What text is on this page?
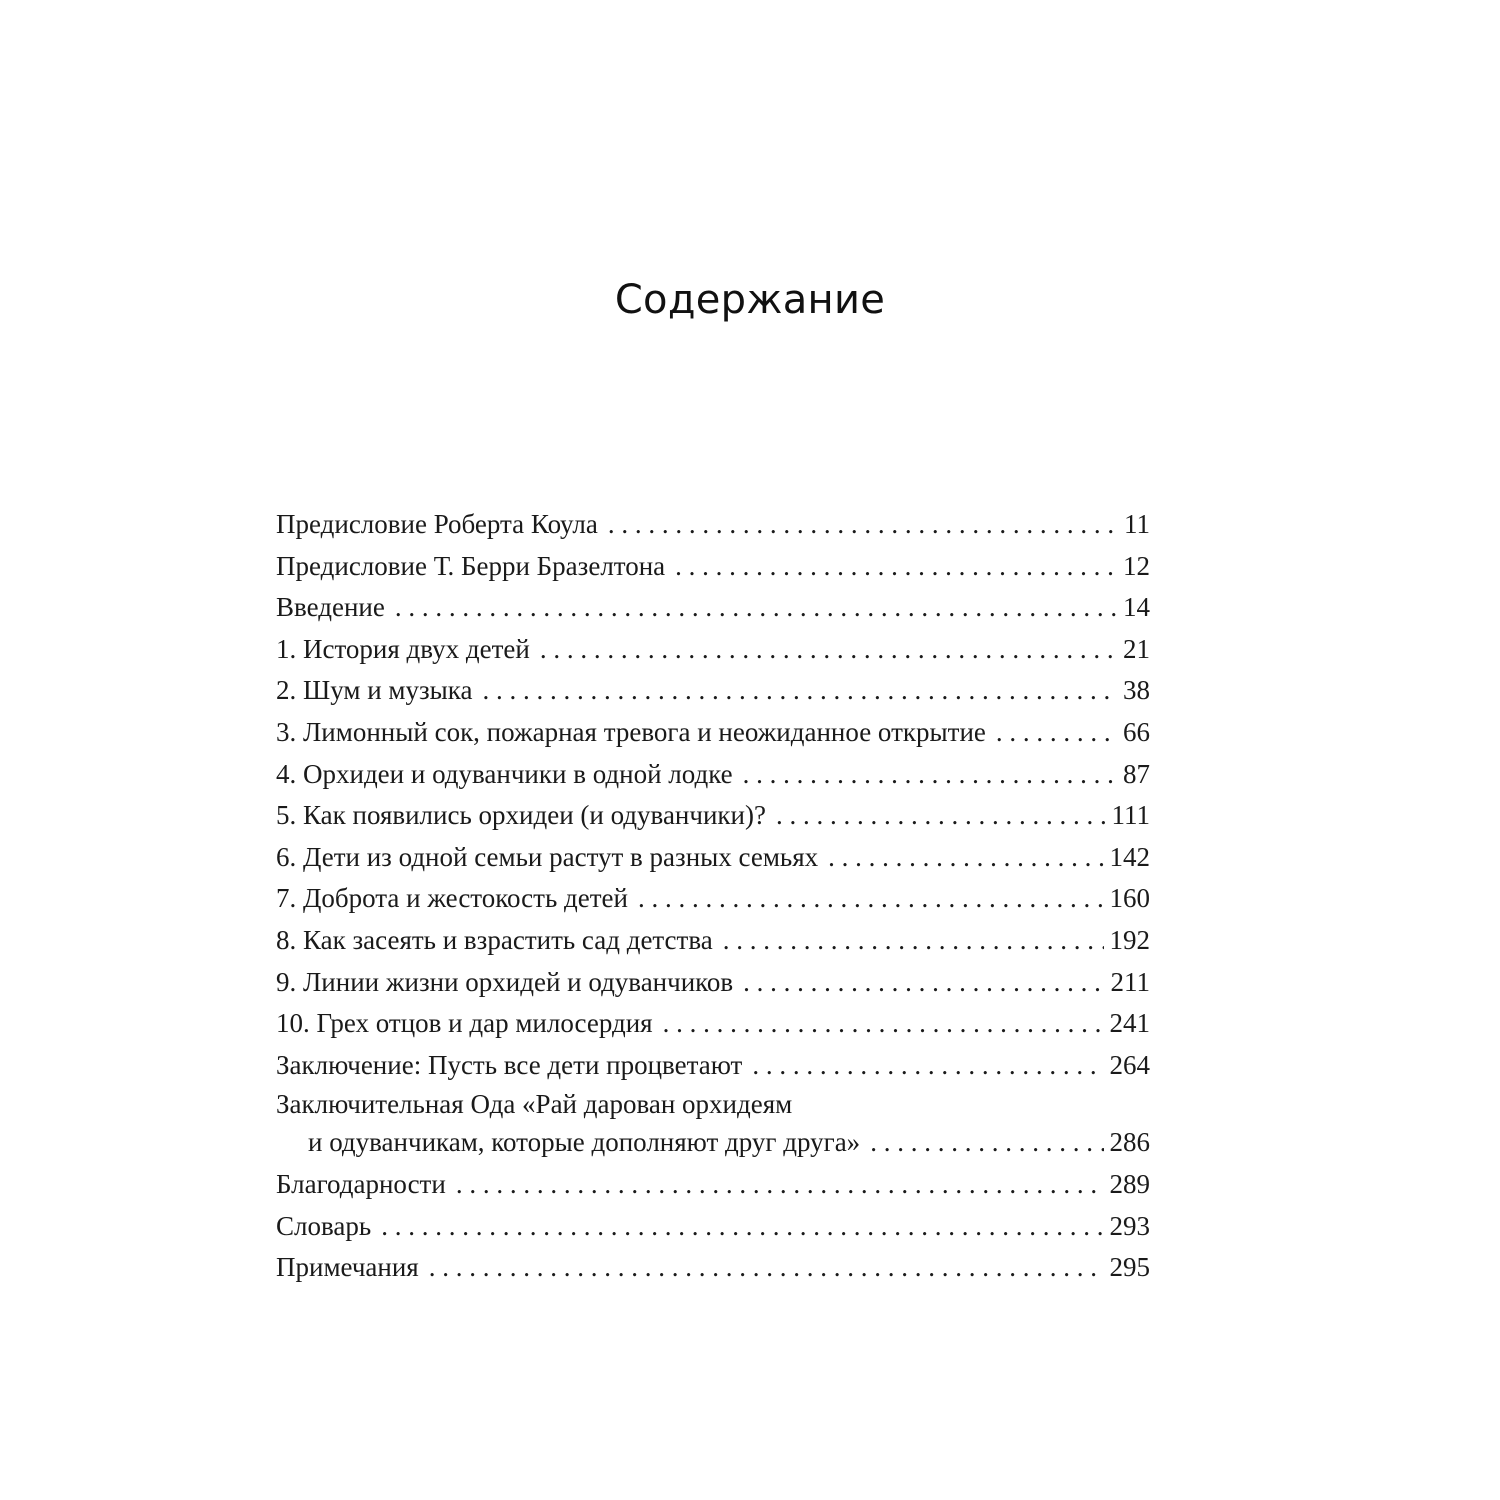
Содержание
Предисловие Роберта Коула . . .	11
Предисловие Т. Берри Бразелтона . . .	12
Введение . . .	14
1. История двух детей . . .	21
2. Шум и музыка . . .	38
3. Лимонный сок, пожарная тревога и неожиданное открытие . . .	66
4. Орхидеи и одуванчики в одной лодке . . .	87
5. Как появились орхидеи (и одуванчики)? . . .	111
6. Дети из одной семьи растут в разных семьях . . .	142
7. Доброта и жестокость детей . . .	160
8. Как засеять и взрастить сад детства . . .	192
9. Линии жизни орхидей и одуванчиков . . .	211
10. Грех отцов и дар милосердия . . .	241
Заключение: Пусть все дети процветают . . .	264
Заключительная Ода «Рай дарован орхидеям
и одуванчикам, которые дополняют друг друга» . . .	286
Благодарности . . .	289
Словарь . . .	293
Примечания . . .	295
